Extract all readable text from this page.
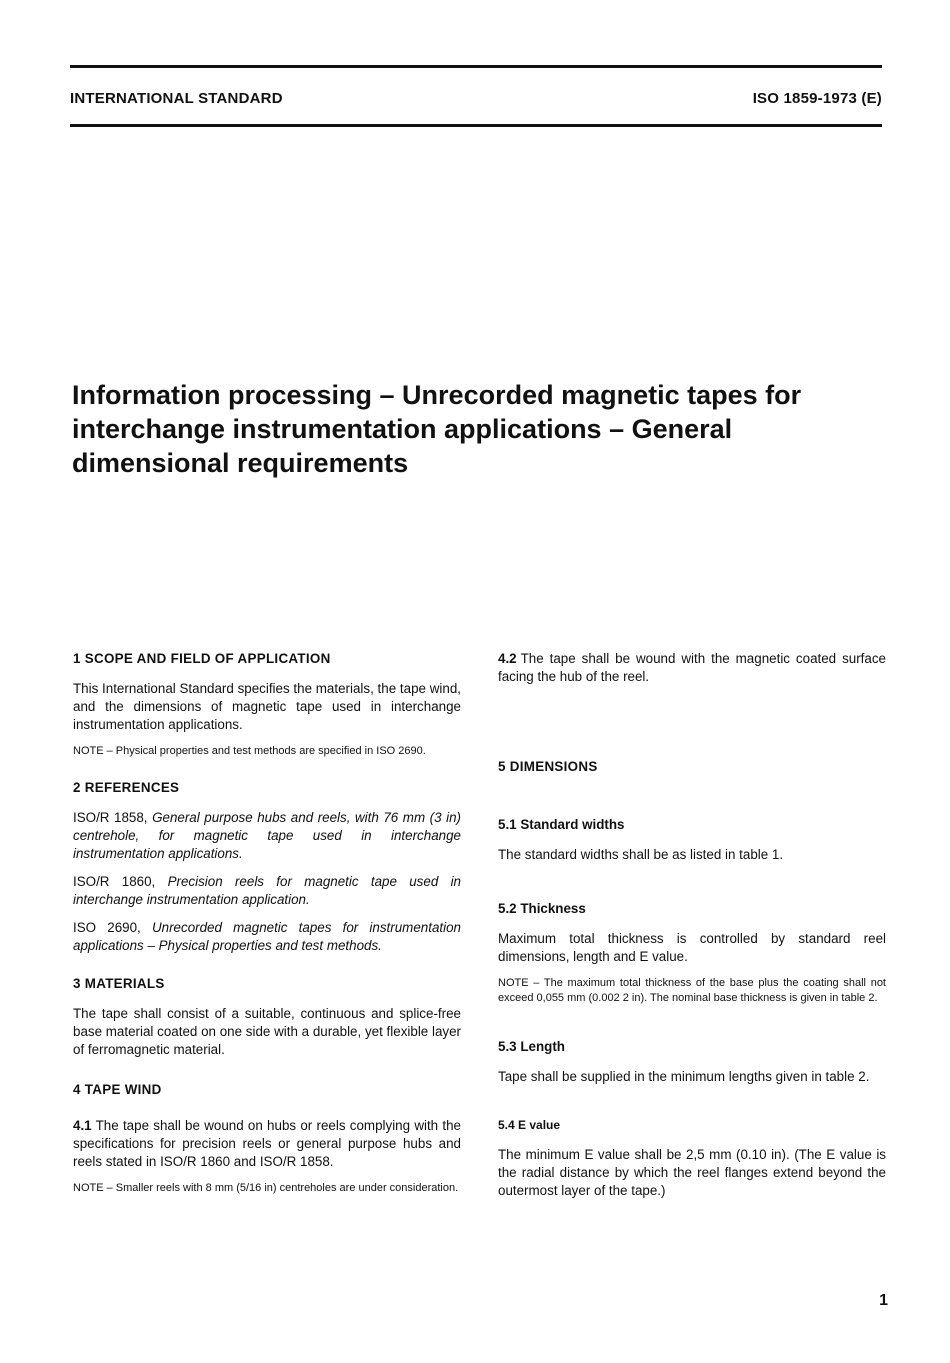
INTERNATIONAL STANDARD	ISO 1859-1973 (E)
Information processing – Unrecorded magnetic tapes for
interchange instrumentation applications – General
dimensional requirements
1 SCOPE AND FIELD OF APPLICATION

This International Standard specifies the materials, the tape wind, and the dimensions of magnetic tape used in interchange instrumentation applications.

NOTE – Physical properties and test methods are specified in ISO 2690.

2 REFERENCES

ISO/R 1858, General purpose hubs and reels, with 76 mm (3 in) centrehole, for magnetic tape used in interchange instrumentation applications.

ISO/R 1860, Precision reels for magnetic tape used in interchange instrumentation application.

ISO 2690, Unrecorded magnetic tapes for instrumentation applications – Physical properties and test methods.

3 MATERIALS

The tape shall consist of a suitable, continuous and splice-free base material coated on one side with a durable, yet flexible layer of ferromagnetic material.

4 TAPE WIND

4.1 The tape shall be wound on hubs or reels complying with the specifications for precision reels or general purpose hubs and reels stated in ISO/R 1860 and ISO/R 1858.

NOTE – Smaller reels with 8 mm (5/16 in) centreholes are under consideration.

4.2 The tape shall be wound with the magnetic coated surface facing the hub of the reel.

5 DIMENSIONS
5.1 Standard widths

The standard widths shall be as listed in table 1.

5.2 Thickness

Maximum total thickness is controlled by standard reel dimensions, length and E value.

NOTE – The maximum total thickness of the base plus the coating shall not exceed 0,055 mm (0.002 2 in). The nominal base thickness is given in table 2.

5.3 Length

Tape shall be supplied in the minimum lengths given in table 2.

5.4 E value

The minimum E value shall be 2,5 mm (0.10 in). (The E value is the radial distance by which the reel flanges extend beyond the outermost layer of the tape.)

1
